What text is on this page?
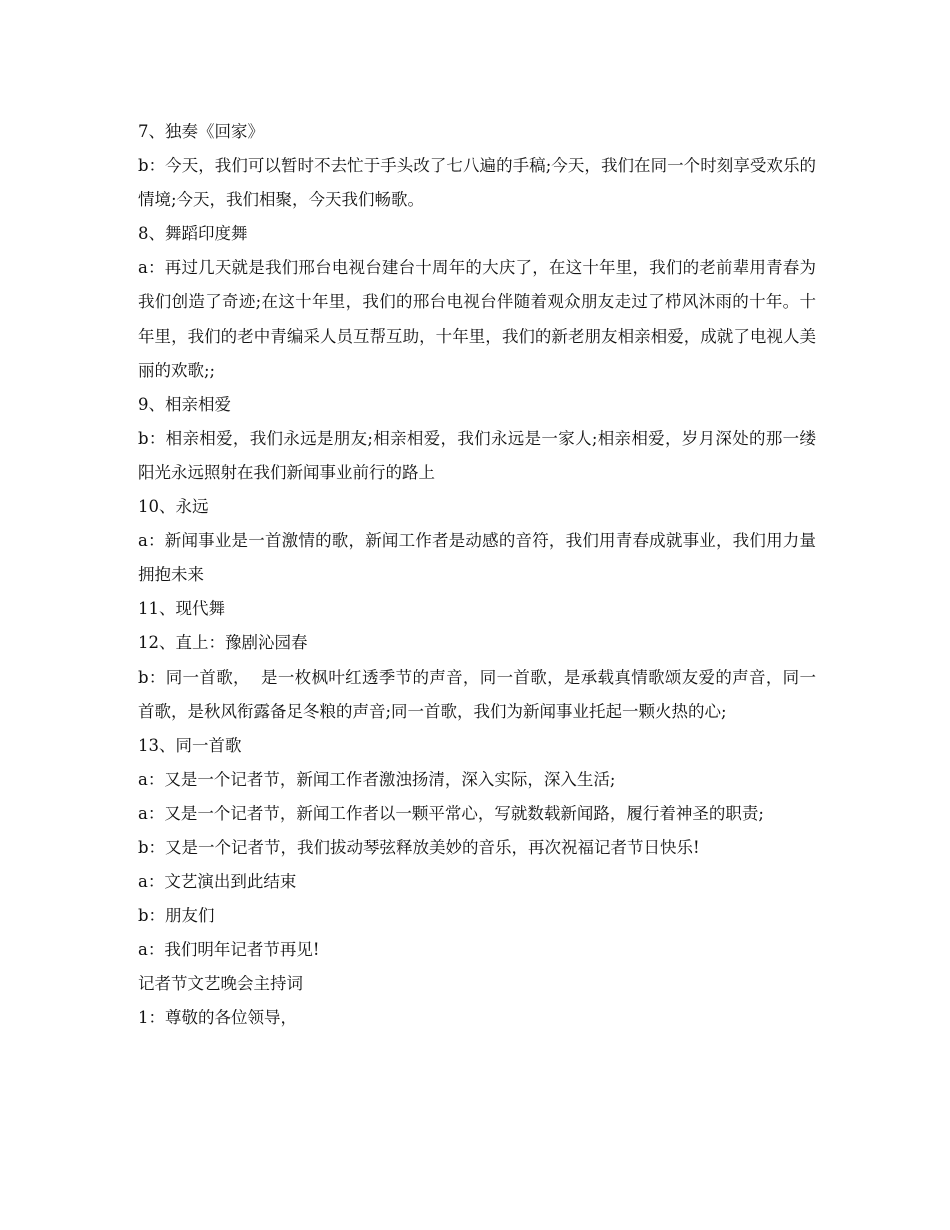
7、独奏《回家》

b：今天，我们可以暂时不去忙于手头改了七八遍的手稿;今天，我们在同一个时刻享受欢乐的情境;今天，我们相聚，今天我们畅歌。

8、舞蹈印度舞

a：再过几天就是我们邢台电视台建台十周年的大庆了，在这十年里，我们的老前辈用青春为我们创造了奇迹;在这十年里，我们的邢台电视台伴随着观众朋友走过了栉风沐雨的十年。十年里，我们的老中青编采人员互帮互助，十年里，我们的新老朋友相亲相爱，成就了电视人美丽的欢歌;;

9、相亲相爱

b：相亲相爱，我们永远是朋友;相亲相爱，我们永远是一家人;相亲相爱，岁月深处的那一缕阳光永远照射在我们新闻事业前行的路上

10、永远

a：新闻事业是一首激情的歌，新闻工作者是动感的音符，我们用青春成就事业，我们用力量拥抱未来

11、现代舞

12、直上：豫剧沁园春

b：同一首歌，  是一枚枫叶红透季节的声音，同一首歌，是承载真情歌颂友爱的声音，同一首歌，是秋风衔露备足冬粮的声音;同一首歌，我们为新闻事业托起一颗火热的心;

13、同一首歌

a：又是一个记者节，新闻工作者激浊扬清，深入实际，深入生活;

a：又是一个记者节，新闻工作者以一颗平常心，写就数载新闻路，履行着神圣的职责;

b：又是一个记者节，我们拔动琴弦释放美妙的音乐，再次祝福记者节日快乐!

a：文艺演出到此结束

b：朋友们

a：我们明年记者节再见!

记者节文艺晚会主持词

1：尊敬的各位领导，
